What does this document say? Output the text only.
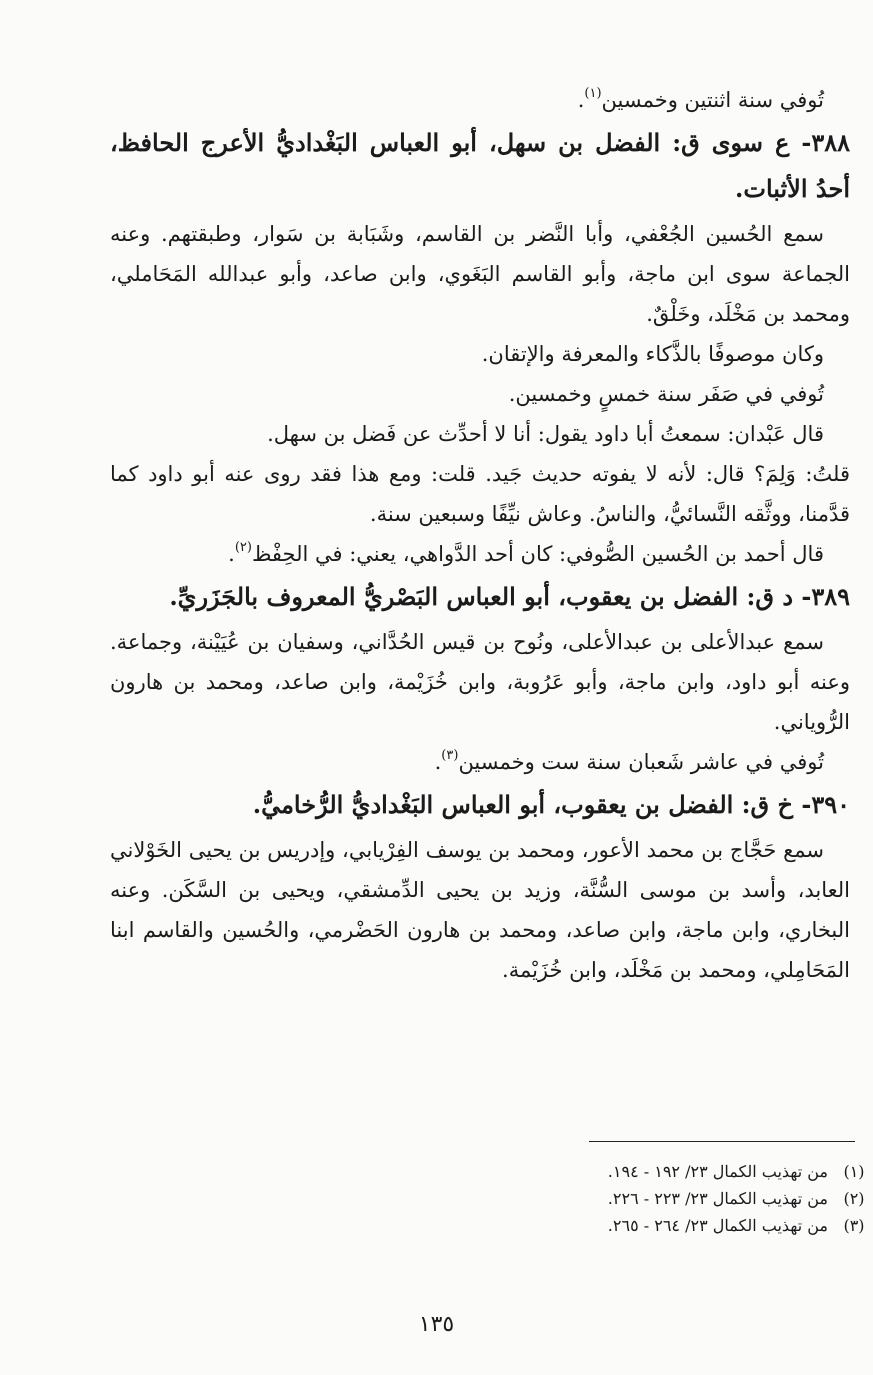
تُوفي سنة اثنتين وخمسين$^{(١)}$.

٣٨٨- ع سوى ق: الفضل بن سهل، أبو العباس البَغْداديُّ الأعرج الحافظ، أحدُ الأثبات.

سمع الحُسين الجُعْفي، وأبا النَّضر بن القاسم، وشَبَابة بن سَوار، وطبقتهم. وعنه الجماعة سوى ابن ماجة، وأبو القاسم البَغَوي، وابن صاعد، وأبو عبدالله المَحَاملي، ومحمد بن مَخْلَد، وخَلْقٌ.

وكان موصوفًا بالذَّكاء والمعرفة والإتقان.

تُوفي في صَفَر سنة خمسٍ وخمسين.

قال عَبْدان: سمعتُ أبا داود يقول: أنا لا أحدِّث عن فَضل بن سهل.

قلتُ: وَلِمَ؟ قال: لأنه لا يفوته حديث جَيد. قلت: ومع هذا فقد روى عنه أبو داود كما قدَّمنا، ووثَّقه النَّسائيُّ، والناسُ. وعاش نيِّفًا وسبعين سنة.

قال أحمد بن الحُسين الصُّوفي: كان أحد الدَّواهي، يعني: في الحِفْظ$^{(٢)}$.

٣٨٩- د ق: الفضل بن يعقوب، أبو العباس البَصْريُّ المعروف بالجَزَريِّ.

سمع عبدالأعلى بن عبدالأعلى، ونُوح بن قيس الحُدَّاني، وسفيان بن عُيَيْنة، وجماعة. وعنه أبو داود، وابن ماجة، وأبو عَرُوبة، وابن خُزَيْمة، وابن صاعد، ومحمد بن هارون الرُّوياني.

تُوفي في عاشر شَعبان سنة ست وخمسين$^{(٣)}$.

٣٩٠- خ ق: الفضل بن يعقوب، أبو العباس البَغْداديُّ الرُّخاميُّ.

سمع حَجَّاج بن محمد الأعور، ومحمد بن يوسف الفِرْيابي، وإدريس بن يحيى الخَوْلاني العابد، وأسد بن موسى السُّنَّة، وزيد بن يحيى الدِّمشقي، ويحيى بن السَّكَن. وعنه البخاري، وابن ماجة، وابن صاعد، ومحمد بن هارون الحَضْرمي، والحُسين والقاسم ابنا المَحَامِلي، ومحمد بن مَخْلَد، وابن خُزَيْمة.

(١)
من تهذيب الكمال ٢٣/ ١٩٢ - ١٩٤.
(٢)
من تهذيب الكمال ٢٣/ ٢٢٣ - ٢٢٦.
(٣)
من تهذيب الكمال ٢٣/ ٢٦٤ - ٢٦٥.
١٣٥
